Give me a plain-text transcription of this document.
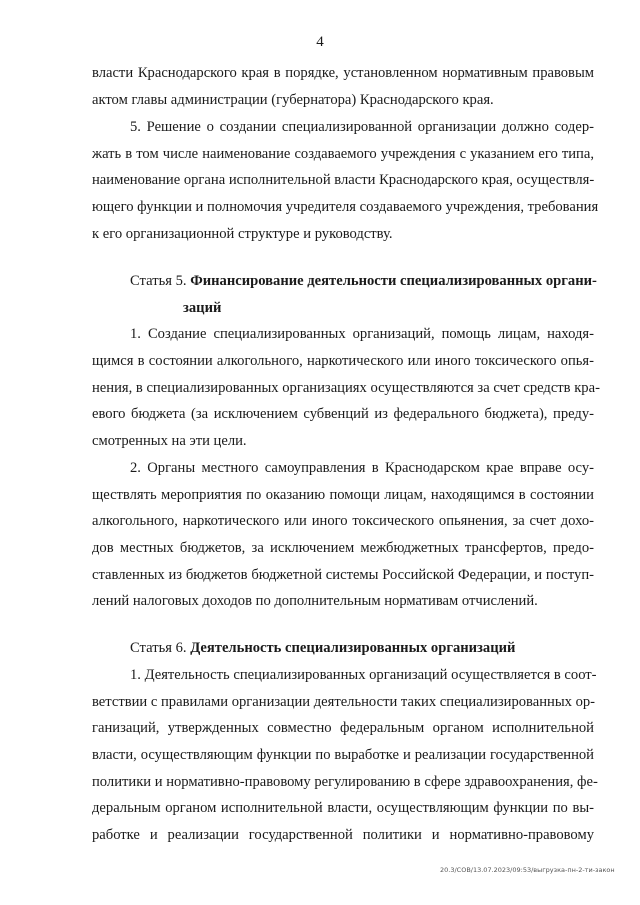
4
власти Краснодарского края в порядке, установленном нормативным правовым
актом главы администрации (губернатора) Краснодарского края.
5. Решение о создании специализированной организации должно содер-
жать в том числе наименование создаваемого учреждения с указанием его типа,
наименование органа исполнительной власти Краснодарского края, осуществля-
ющего функции и полномочия учредителя создаваемого учреждения, требования
к его организационной структуре и руководству.
Статья 5. Финансирование деятельности специализированных органи-
заций
1. Создание специализированных организаций, помощь лицам, находя-
щимся в состоянии алкогольного, наркотического или иного токсического опья-
нения, в специализированных организациях осуществляются за счет средств кра-
евого бюджета (за исключением субвенций из федерального бюджета), преду-
смотренных на эти цели.
2. Органы местного самоуправления в Краснодарском крае вправе осу-
ществлять мероприятия по оказанию помощи лицам, находящимся в состоянии
алкогольного, наркотического или иного токсического опьянения, за счет дохо-
дов местных бюджетов, за исключением межбюджетных трансфертов, предо-
ставленных из бюджетов бюджетной системы Российской Федерации, и поступ-
лений налоговых доходов по дополнительным нормативам отчислений.
Статья 6. Деятельность специализированных организаций
1. Деятельность специализированных организаций осуществляется в соот-
ветствии с правилами организации деятельности таких специализированных ор-
ганизаций, утвержденных совместно федеральным органом исполнительной
власти, осуществляющим функции по выработке и реализации государственной
политики и нормативно-правовому регулированию в сфере здравоохранения, фе-
деральным органом исполнительной власти, осуществляющим функции по вы-
работке и реализации государственной политики и нормативно-правовому
20.3/СОВ/13.07.2023/09:53/выгрузка-пн-2-ти-закон
